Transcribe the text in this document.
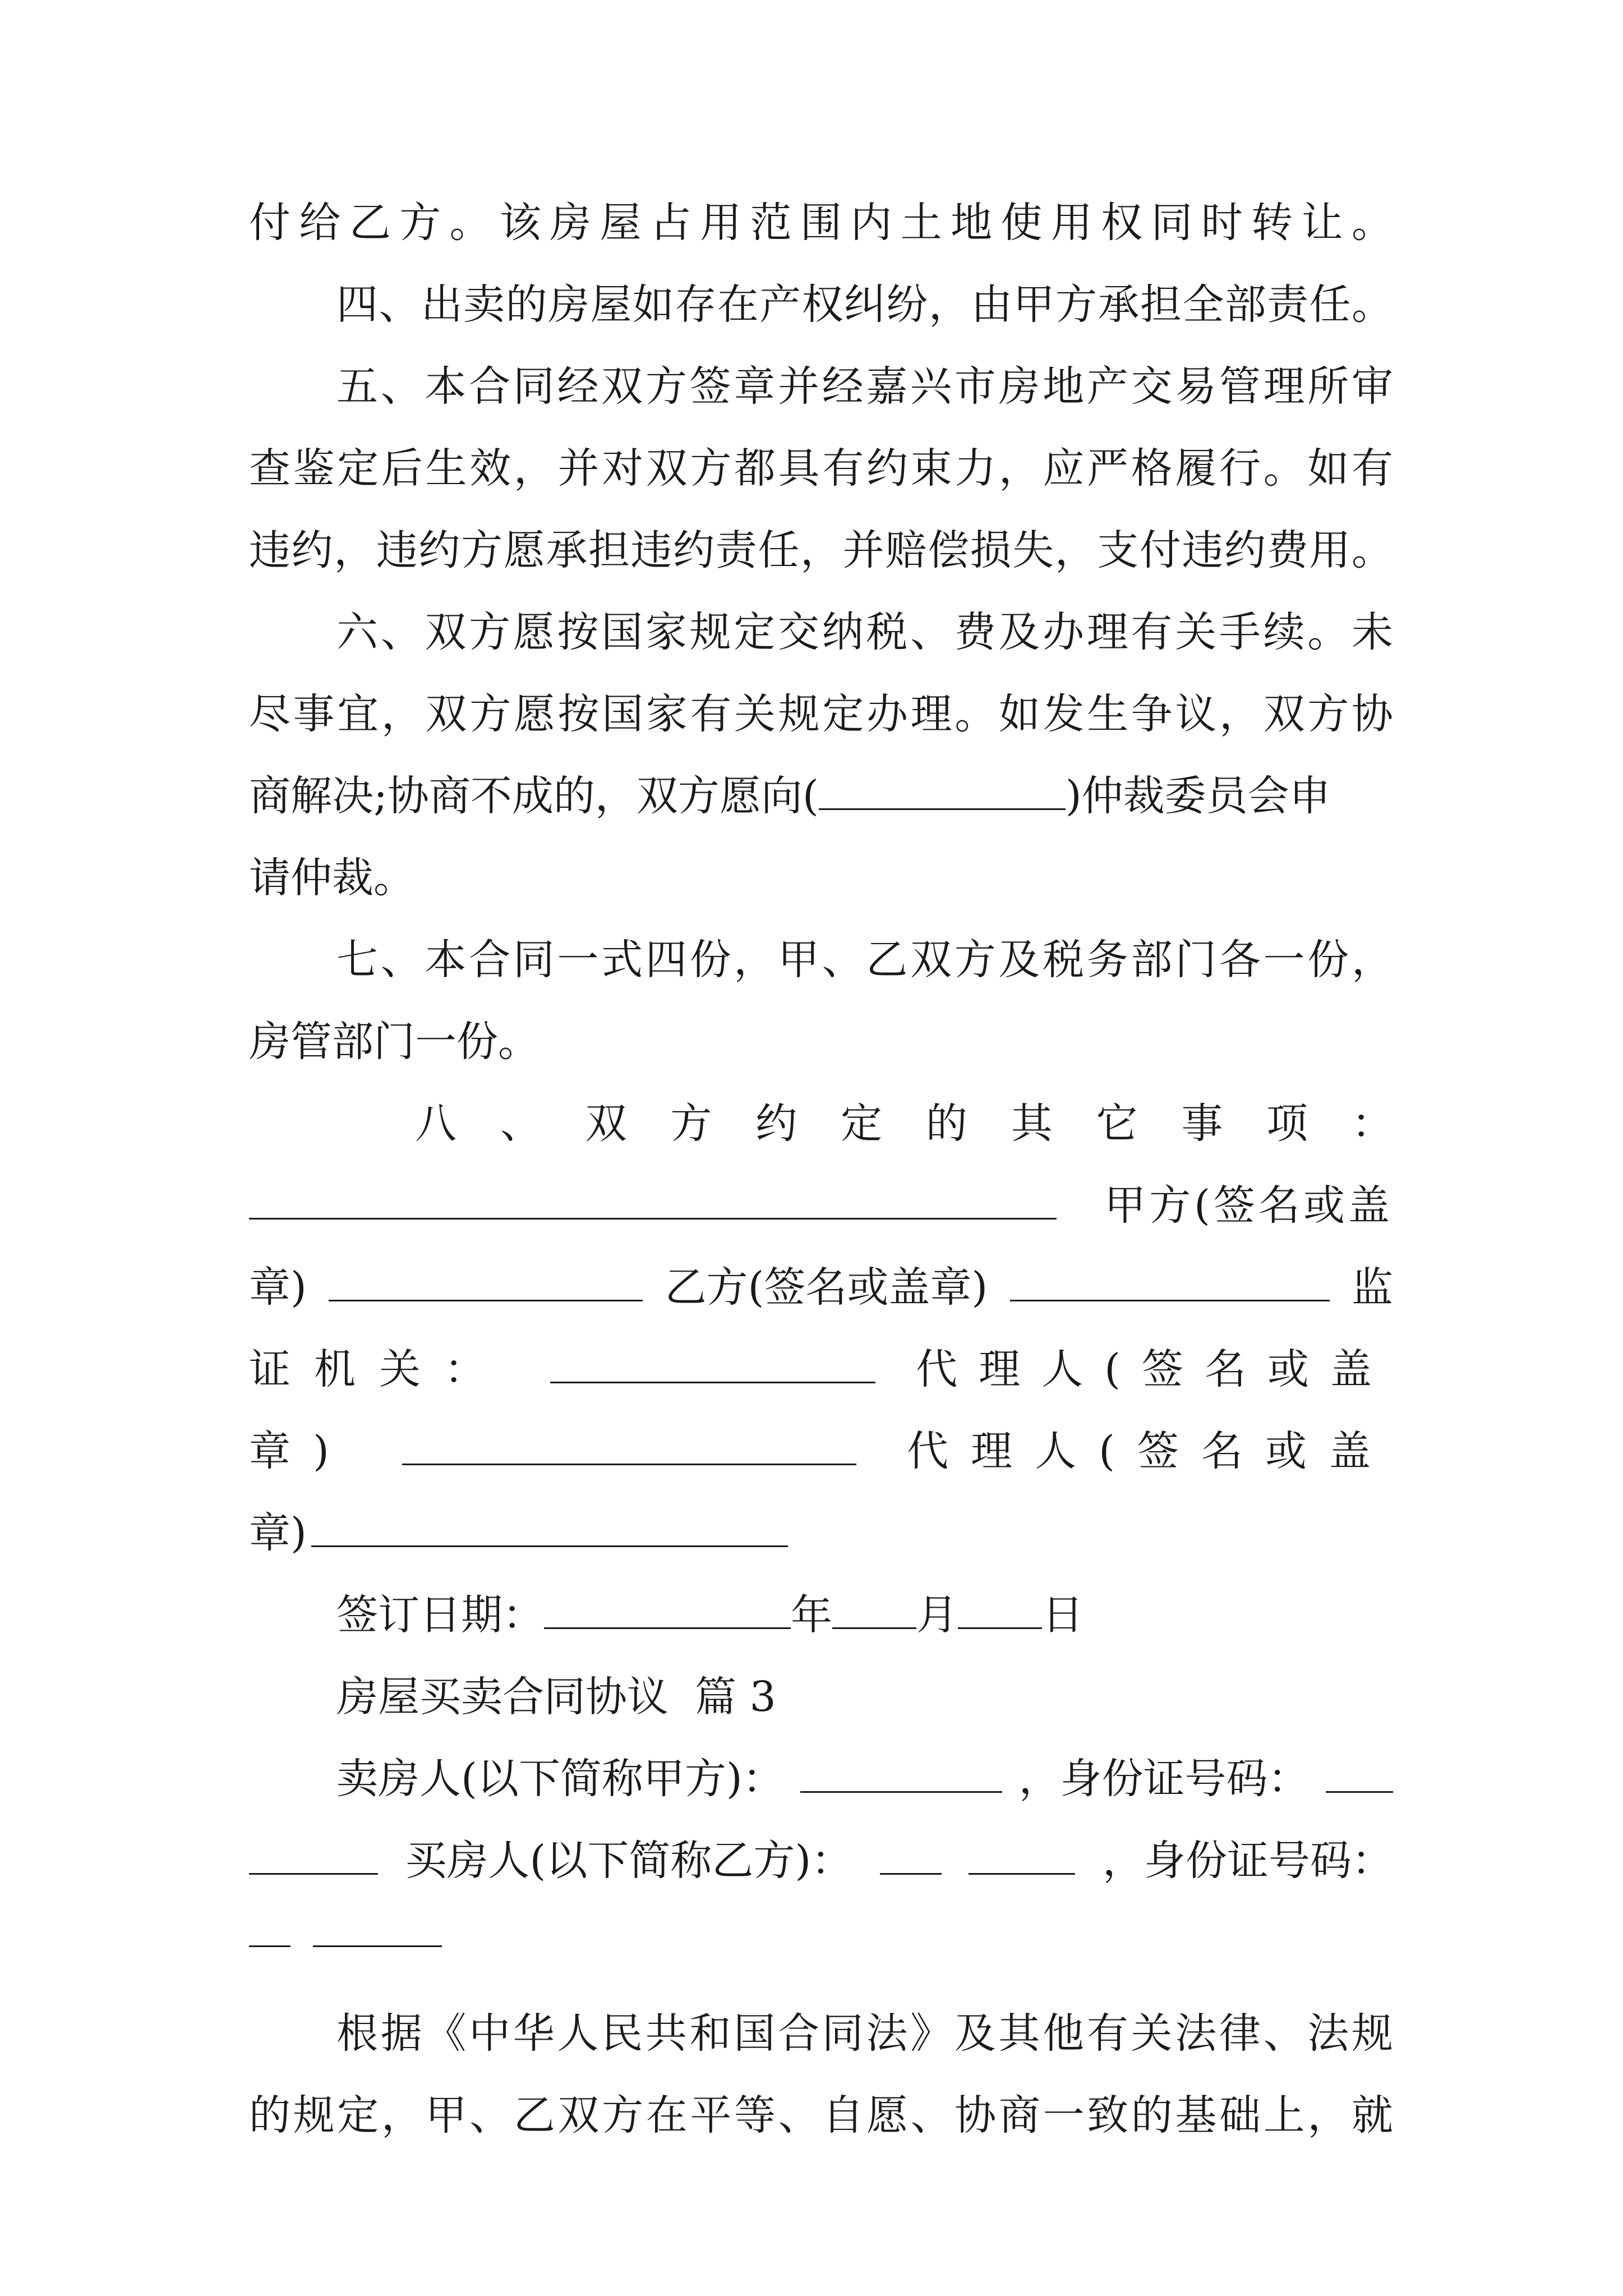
付给乙方。该房屋占用范围内土地使用权同时转让。
四、出卖的房屋如存在产权纠纷，由甲方承担全部责任。
五、本合同经双方签章并经嘉兴市房地产交易管理所审
查鉴定后生效，并对双方都具有约束力，应严格履行。如有
违约，违约方愿承担违约责任，并赔偿损失，支付违约费用。
六、双方愿按国家规定交纳税、费及办理有关手续。未
尽事宜，双方愿按国家有关规定办理。如发生争议，双方协
商解决;协商不成的，双方愿向(	)仲裁委员会申
请仲裁。
七、本合同一式四份，甲、乙双方及税务部门各一份，
房管部门一份。
八、双方约定的其它事项：
甲方(签名或盖
章)	乙方(签名或盖章)	监
证机关：	代理人(签名或盖
章)	代理人(签名或盖
章)
签订日期：	年 月 日
房屋买卖合同协议  篇 3
卖房人(以下简称甲方)：	，身份证号码：
买房人(以下简称乙方)：	，身份证号码：
根据《中华人民共和国合同法》及其他有关法律、法规
的规定，甲、乙双方在平等、自愿、协商一致的基础上，就
